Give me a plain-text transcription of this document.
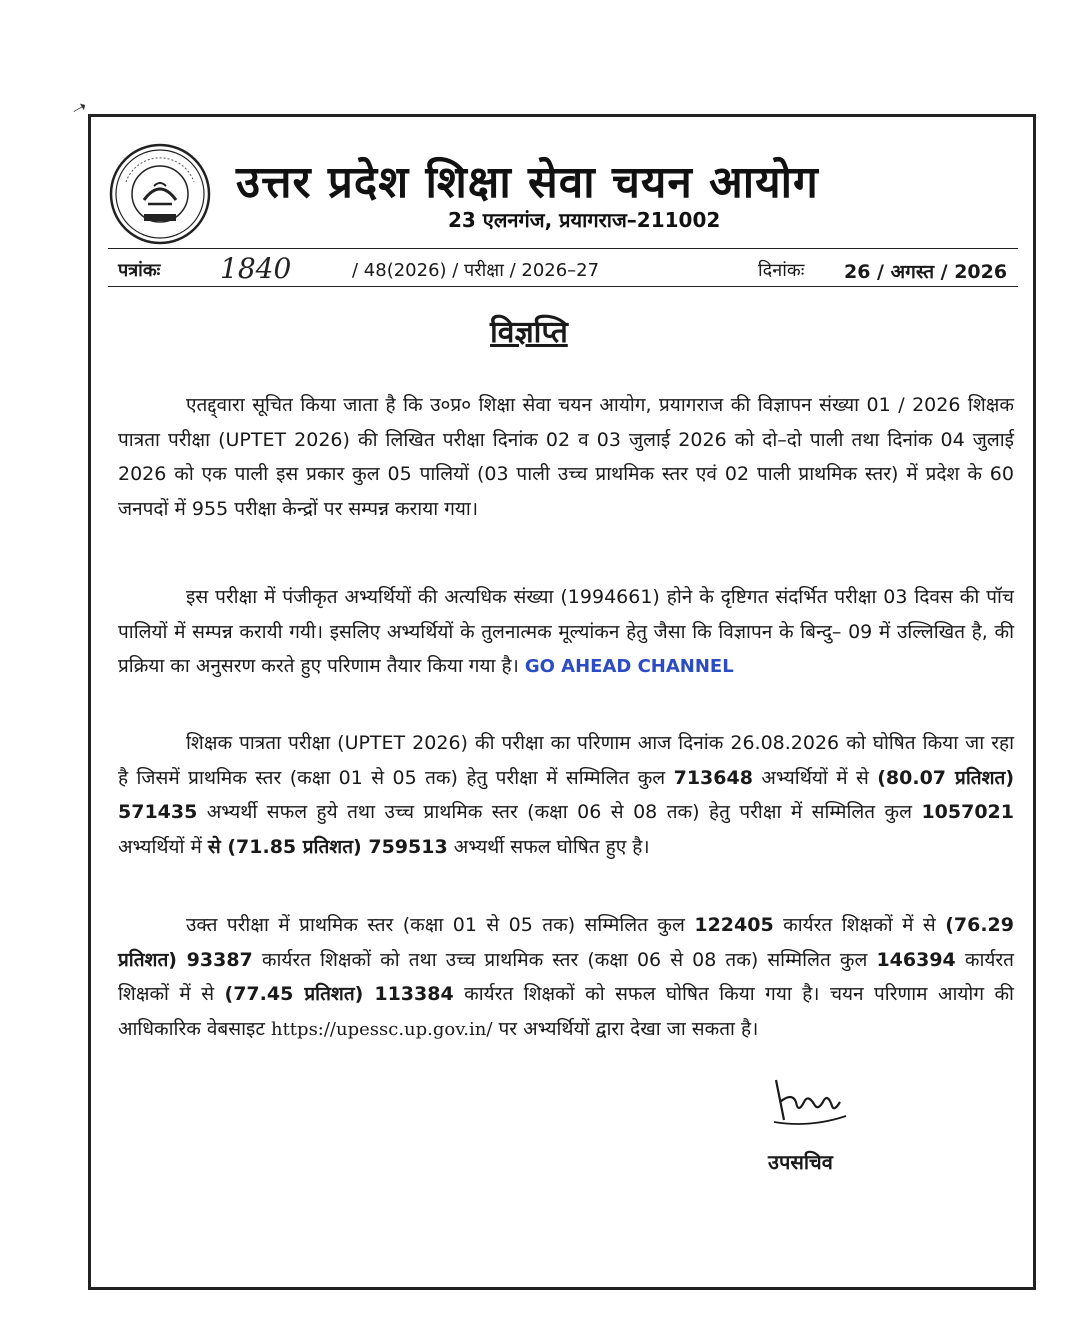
➝
उत्तर प्रदेश शिक्षा सेवा चयन आयोग
23 एलनगंज, प्रयागराज–211002
पत्रांकः 1840	/ 48(2026) / परीक्षा / 2026–27	दिनांकः 26 / अगस्त / 2026
विज्ञप्ति
एतद्द्वारा सूचित किया जाता है कि उ०प्र० शिक्षा सेवा चयन आयोग, प्रयागराज की विज्ञापन संख्या 01 / 2026 शिक्षक पात्रता परीक्षा (UPTET 2026) की लिखित परीक्षा दिनांक 02 व 03 जुलाई 2026 को दो–दो पाली तथा दिनांक 04 जुलाई 2026 को एक पाली इस प्रकार कुल 05 पालियों (03 पाली उच्च प्राथमिक स्तर एवं 02 पाली प्राथमिक स्तर) में प्रदेश के 60 जनपदों में 955 परीक्षा केन्द्रों पर सम्पन्न कराया गया।
इस परीक्षा में पंजीकृत अभ्यर्थियों की अत्यधिक संख्या (1994661) होने के दृष्टिगत संदर्भित परीक्षा 03 दिवस की पॉच पालियों में सम्पन्न करायी गयी। इसलिए अभ्यर्थियों के तुलनात्मक मूल्यांकन हेतु जैसा कि विज्ञापन के बिन्दु– 09 में उल्लिखित है, की प्रक्रिया का अनुसरण करते हुए परिणाम तैयार किया गया है। GO AHEAD CHANNEL
शिक्षक पात्रता परीक्षा (UPTET 2026) की परीक्षा का परिणाम आज दिनांक 26.08.2026 को घोषित किया जा रहा है जिसमें प्राथमिक स्तर (कक्षा 01 से 05 तक) हेतु परीक्षा में सम्मिलित कुल 713648 अभ्यर्थियों में से (80.07 प्रतिशत) 571435 अभ्यर्थी सफल हुये तथा उच्च प्राथमिक स्तर (कक्षा 06 से 08 तक) हेतु परीक्षा में सम्मिलित कुल 1057021 अभ्यर्थियों में से (71.85 प्रतिशत) 759513 अभ्यर्थी सफल घोषित हुए है।
उक्त परीक्षा में प्राथमिक स्तर (कक्षा 01 से 05 तक) सम्मिलित कुल 122405 कार्यरत शिक्षकों में से (76.29 प्रतिशत) 93387 कार्यरत शिक्षकों को तथा उच्च प्राथमिक स्तर (कक्षा 06 से 08 तक) सम्मिलित कुल 146394 कार्यरत शिक्षकों में से (77.45 प्रतिशत) 113384 कार्यरत शिक्षकों को सफल घोषित किया गया है। चयन परिणाम आयोग की आधिकारिक वेबसाइट https://upessc.up.gov.in/ पर अभ्यर्थियों द्वारा देखा जा सकता है।
उपसचिव
